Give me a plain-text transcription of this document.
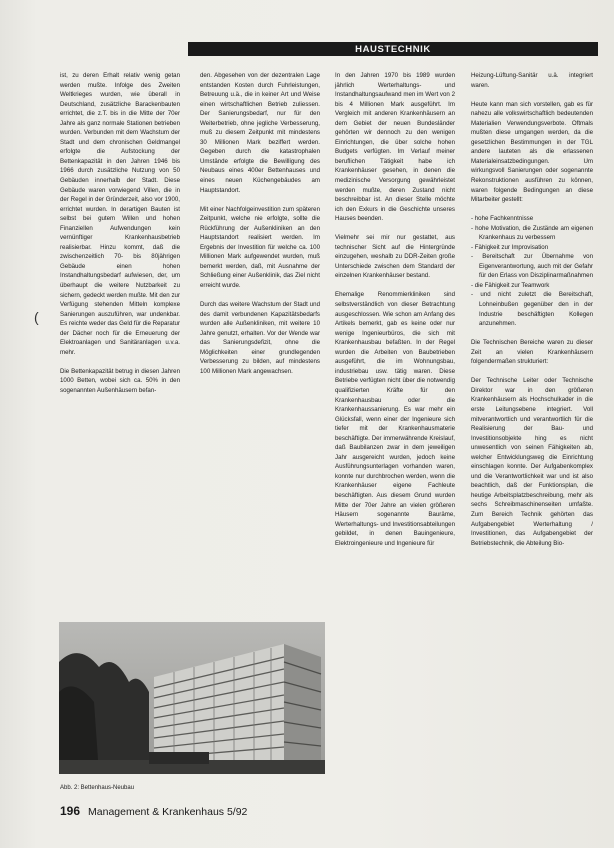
HAUSTECHNIK
(

ist, zu deren Erhalt relativ wenig getan werden mußte. Infolge des Zweiten Weltkrieges wurden, wie überall in Deutschland, zusätzliche Barackenbauten errichtet, die z.T. bis in die Mitte der 70er Jahre als ganz normale Stationen betrieben wurden. Verbunden mit dem Wachstum der Stadt und dem chronischen Geldmangel erfolgte die Aufstockung der Bettenkapazität in den Jahren 1946 bis 1966 durch zusätzliche Nutzung von 50 Gebäuden innerhalb der Stadt. Diese Gebäude waren vorwiegend Villen, die in der Regel in der Gründerzeit, also vor 1900, errichtet wurden. In derartigen Bauten ist selbst bei gutem Willen und hohen Finanziellen Aufwendungen kein vernünftiger Krankenhausbetrieb realisierbar. Hinzu kommt, daß die zwischenzeitlich 70- bis 80jährigen Gebäude einen hohen Instandhaltungsbedarf aufwiesen, der, um überhaupt die weitere Nutzbarkeit zu sichern, gedeckt werden mußte. Mit den zur Verfügung stehenden Mitteln komplexe Sanierungen auszuführen, war undenkbar. Es reichte weder das Geld für die Reparatur der Dächer noch für die Erneuerung der Elektroanlagen und Sanitäranlagen u.v.a. mehr.

Die Bettenkapazität betrug in diesen Jahren 1000 Betten, wobei sich ca. 50% in den sogenannten Außenhäusern befan-

den. Abgesehen von der dezentralen Lage entstanden Kosten durch Fuhrleistungen, Betreuung u.ä., die in keiner Art und Weise einen wirtschaftlichen Betrieb zuliessen. Der Sanierungsbedarf, nur für den Weiterbetrieb, ohne jegliche Verbesserung, muß zu diesem Zeitpunkt mit mindestens 30 Millionen Mark beziffert werden. Gegeben durch die katastrophalen Umstände erfolgte die Bewilligung des Neubaus eines 400er Bettenhauses und eines neuen Küchengebäudes am Hauptstandort.

Mit einer Nachfolgeinvestition zum späteren Zeitpunkt, welche nie erfolgte, sollte die Rückführung der Außenkliniken an den Hauptstandort realisiert werden. Im Ergebnis der Investition für welche ca. 100 Millionen Mark aufgewendet wurden, muß bemerkt werden, daß, mit Ausnahme der Schließung einer Außenklinik, das Ziel nicht erreicht wurde.

Durch das weitere Wachstum der Stadt und des damit verbundenen Kapazitätsbedarfs wurden alle Außenkliniken, mit weitere 10 Jahre genutzt, erhalten. Vor der Wende war das Sanierungsdefizit, ohne die Möglichkeiten einer grundlegenden Verbesserung zu bilden, auf mindestens 100 Millionen Mark angewachsen.

In den Jahren 1970 bis 1989 wurden jährlich Werterhaltungs- und Instandhaltungsaufwand men im Wert von 2 bis 4 Millionen Mark ausgeführt. Im Vergleich mit anderen Krankenhäusern an dem Gebiet der neuen Bundesländer gehörten wir dennoch zu den wenigen Einrichtungen, die über solche hohen Budgets verfügten. Im Verlauf meiner beruflichen Tätigkeit habe ich Krankenhäuser gesehen, in denen die medizinische Versorgung gewährleistet werden mußte, deren Zustand nicht beschreibbar ist. An dieser Stelle möchte ich den Exkurs in die Geschichte unseres Hauses beenden.

Vielmehr sei mir nur gestattet, aus technischer Sicht auf die Hintergründe einzugehen, weshalb zu DDR-Zeiten große Unterschiede zwischen dem Standard der einzelnen Krankenhäuser bestand.

Ehemalige Renommierkliniken sind selbstverständlich von dieser Betrachtung ausgeschlossen. Wie schon am Anfang des Artikels bemerkt, gab es keine oder nur wenige Ingenieurbüros, die sich mit Krankenhausbau befaßten. In der Regel wurden die Arbeiten von Baubetrieben ausgeführt, die im Wohnungsbau, industriebau usw. tätig waren. Diese Betriebe verfügten nicht über die notwendig qualifizierten Kräfte für den Krankenhausbau oder die Krankenhaussanierung. Es war mehr ein Glücksfall, wenn einer der Ingenieure sich tiefer mit der Krankenhausmaterie beschäftigte. Der immerwährende Kreislauf, daß Baubilanzen zwar in dem jeweiligen Jahr ausgereicht wurden, jedoch keine Ausführungsunterlagen vorhanden waren, konnte nur durchbrochen werden, wenn die Krankenhäuser eigene Fachleute beschäftigten. Aus diesem Grund wurden Mitte der 70er Jahre an vielen größeren Häusern sogenannte Bauräme, Werterhaltungs- und Investitionsabteilungen gebildet, in denen Bauingenieure, Elektroingenieure und Ingenieure für

Heizung-Lüftung-Sanitär u.ä. integriert waren.

Heute kann man sich vorstellen, gab es für nahezu alle volkswirtschaftlich bedeutenden Materialien Verwendungsverbote. Oftmals mußten diese umgangen werden, da die gesetzlichen Bestimmungen in der TGL andere lauteten als die erlassenen Materialeinsatzbedingungen. Um wirkungsvoll Sanierungen oder sogenannte Rekonstruktionen ausführen zu können, waren folgende Bedingungen an diese Mitarbeiter gestellt:

- hohe Fachkenntnisse
- hohe Motivation, die Zustände am eigenen Krankenhaus zu verbessern
- Fähigkeit zur Improvisation
- Bereitschaft zur Übernahme von Eigenverantwortung, auch mit der Gefahr für den Erlass von Disziplinarmaßnahmen
- die Fähigkeit zur Teamwork
- und nicht zuletzt die Bereitschaft, Lohneinbußen gegenüber den in der Industrie beschäftigten Kollegen anzunehmen.

Die Technischen Bereiche waren zu dieser Zeit an vielen Krankenhäusern folgendermaßen strukturiert:

Der Technische Leiter oder Technische Direktor war in den größeren Krankenhäusern als Hochschulkader in die erste Leitungsebene integriert. Voll mitverantwortlich und verantwortlich für die Realisierung der Bau- und Investitionsobjekte hing es nicht unwesentlich von seinen Fähigkeiten ab, welcher Entwicklungsweg die Einrichtung einschlagen konnte. Der Aufgabenkomplex und die Verantwortlichkeit war und ist also beachtlich, daß der Funktionsplan, die heutige Arbeitsplatzbeschreibung, mehr als sechs Schreibmaschinenseiten umfaßte. Zum Bereich Technik gehörten das Aufgabengebiet Werterhaltung / Investitionen, das Aufgabengebiet der Betriebstechnik, die Abteilung Bio-

Abb. 2: Bettenhaus-Neubau
196 Management & Krankenhaus 5/92
